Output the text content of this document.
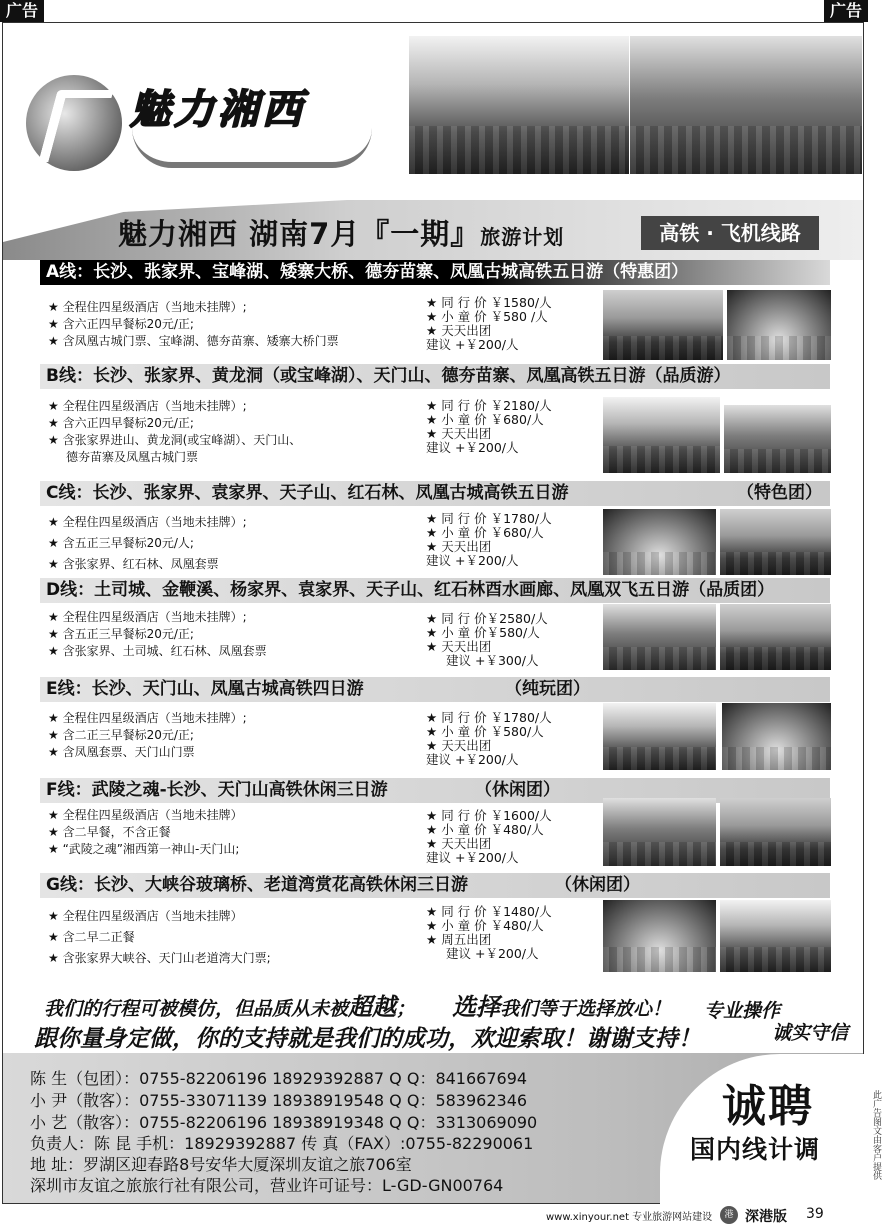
广告	广告
魅力湘西
魅力湘西 湖南7月『一期』旅游计划	高铁 · 飞机线路
A线：长沙、张家界、宝峰湖、矮寨大桥、德夯苗寨、凤凰古城高铁五日游（特惠团）
★ 全程住四星级酒店（当地未挂牌）;
★ 含六正四早餐标20元/正;
★ 含凤凰古城门票、宝峰湖、德夯苗寨、矮寨大桥门票
★ 同 行 价 ￥1580/人
★ 小 童 价 ￥580 /人
★ 天天出团
建议 +￥200/人
B线：长沙、张家界、黄龙洞（或宝峰湖）、天门山、德夯苗寨、凤凰高铁五日游（品质游）
★ 全程住四星级酒店（当地未挂牌）;
★ 含六正四早餐标20元/正;
★ 含张家界进山、黄龙洞(或宝峰湖）、天门山、
德夯苗寨及凤凰古城门票
★ 同 行 价 ￥2180/人
★ 小 童 价 ￥680/人
★ 天天出团
建议 +￥200/人
C线：长沙、张家界、袁家界、天子山、红石林、凤凰古城高铁五日游	（特色团）
★ 全程住四星级酒店（当地未挂牌）;
★ 含五正三早餐标20元/人;
★ 含张家界、红石林、凤凰套票
★ 同 行 价 ￥1780/人
★ 小 童 价 ￥680/人
★ 天天出团
建议 +￥200/人
D线：土司城、金鞭溪、杨家界、袁家界、天子山、红石林酉水画廊、凤凰双飞五日游（品质团）
★ 全程住四星级酒店（当地未挂牌）;
★ 含五正三早餐标20元/正;
★ 含张家界、土司城、红石林、凤凰套票
★ 同 行 价￥2580/人
★ 小 童 价￥580/人
★ 天天出团
建议 +￥300/人
E线：长沙、天门山、凤凰古城高铁四日游	（纯玩团）
★ 全程住四星级酒店（当地未挂牌）;
★ 含二正三早餐标20元/正;
★ 含凤凰套票、天门山门票
★ 同 行 价 ￥1780/人
★ 小 童 价 ￥580/人
★ 天天出团
建议 +￥200/人
F线：武陵之魂-长沙、天门山高铁休闲三日游	（休闲团）
★ 全程住四星级酒店（当地未挂牌）
★ 含二早餐，不含正餐
★ “武陵之魂”湘西第一神山-天门山;
★ 同 行 价 ￥1600/人
★ 小 童 价 ￥480/人
★ 天天出团
建议 +￥200/人
G线：长沙、大峡谷玻璃桥、老道湾赏花高铁休闲三日游	（休闲团）
★ 全程住四星级酒店（当地未挂牌）
★ 含二早二正餐
★ 含张家界大峡谷、天门山老道湾大门票;
★ 同 行 价 ￥1480/人
★ 小 童 价 ￥480/人
★ 周五出团
建议 +￥200/人
我们的行程可被模仿，但品质从未被超越； 选择我们等于选择放心！ 专业操作
诚实守信
跟你量身定做，你的支持就是我们的成功，欢迎索取！谢谢支持！
陈 生（包团）：0755-82206196 18929392887 Q Q：841667694
小 尹（散客）：0755-33071139 18938919548 Q Q：583962346
小 艺（散客）：0755-82206196 18938919348 Q Q：3313069090
负责人：陈 昆 手机：18929392887 传 真（FAX）:0755-82290061
地 址：罗湖区迎春路8号安华大厦深圳友谊之旅706室
深圳市友谊之旅旅行社有限公司，营业许可证号：L-GD-GN00764
诚聘
国内线计调
www.xinyour.net 专业旅游网站建设	港 深港版 39
此广告图文由客户提供
